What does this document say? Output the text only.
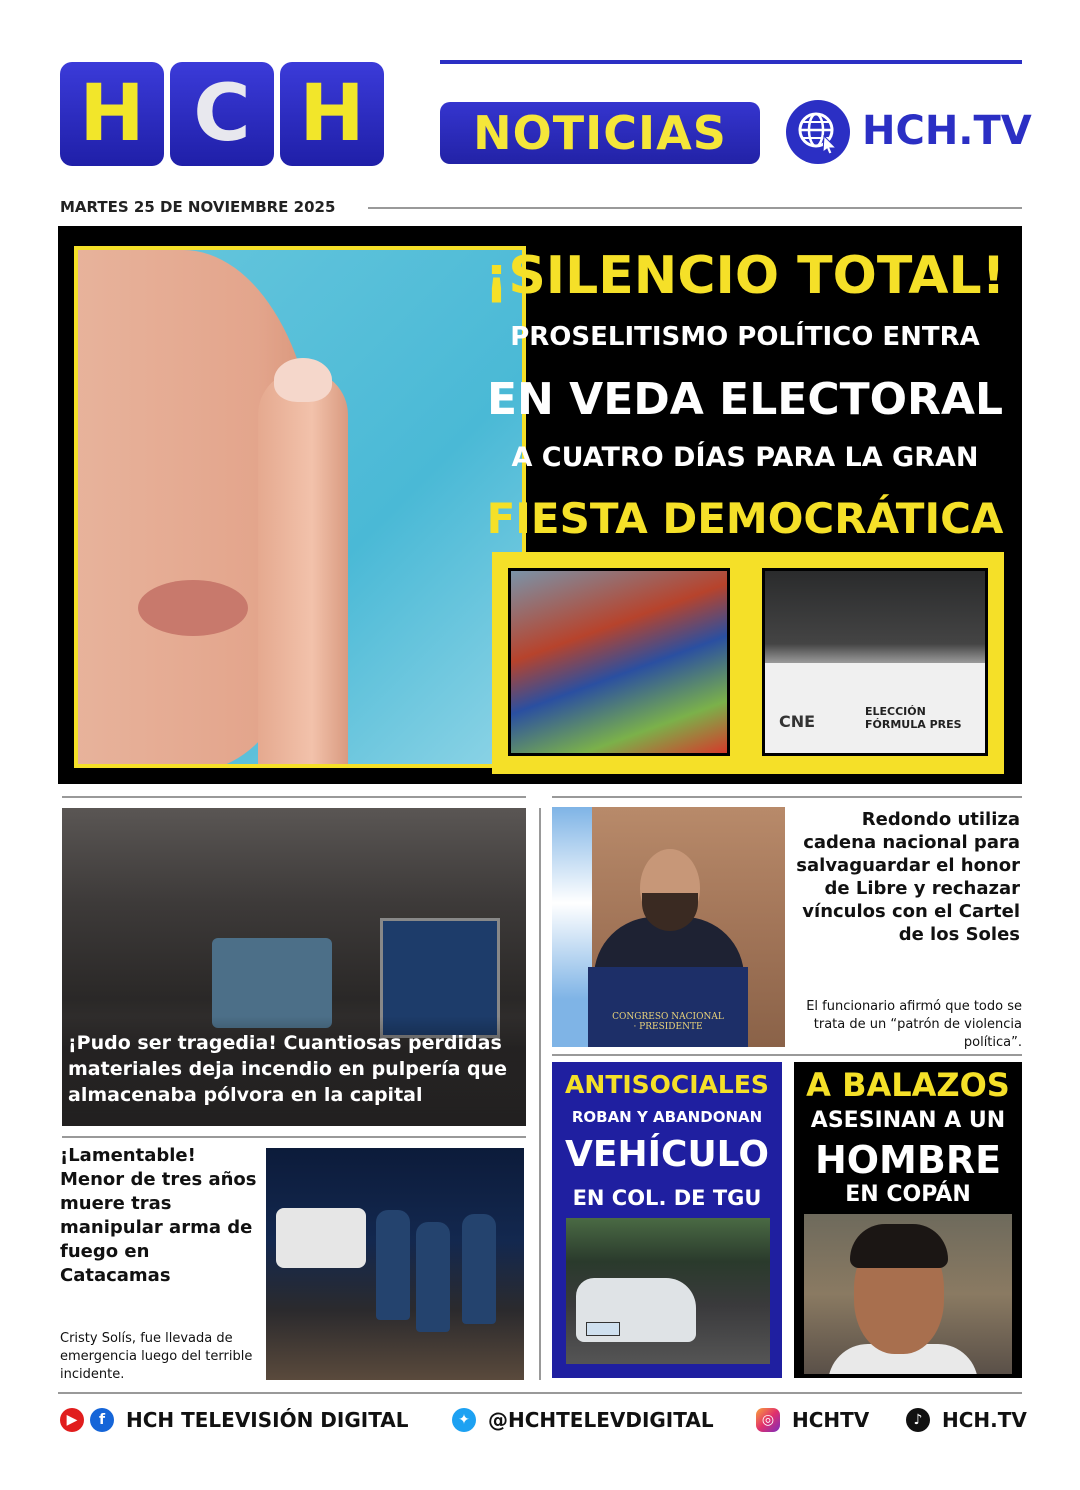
H C H	NOTICIAS	HCH.TV
MARTES 25 DE NOVIEMBRE 2025
¡SILENCIO TOTAL!
PROSELITISMO POLÍTICO ENTRA
EN VEDA ELECTORAL
A CUATRO DÍAS PARA LA GRAN
FIESTA DEMOCRÁTICA
CNE
ELECCIÓN
FÓRMULA PRES
¡Pudo ser tragedia! Cuantiosas perdidas materiales deja incendio en pulpería que almacenaba pólvora en la capital
CONGRESO NACIONAL · PRESIDENTE
Redondo utiliza cadena nacional para salvaguardar el honor de Libre y rechazar vínculos con el Cartel de los Soles
El funcionario afirmó que todo se trata de un “patrón de violencia política”.
¡Lamentable! Menor de tres años muere tras manipular arma de fuego en Catacamas
Cristy Solís, fue llevada de emergencia luego del terrible incidente.
ANTISOCIALES
ROBAN Y ABANDONAN
VEHÍCULO
EN COL. DE TGU
A BALAZOS
ASESINAN A UN
HOMBRE
EN COPÁN
▶	f	HCH TELEVISIÓN DIGITAL	✦ @HCHTELEVDIGITAL	◎ HCHTV	♪ HCH.TV
